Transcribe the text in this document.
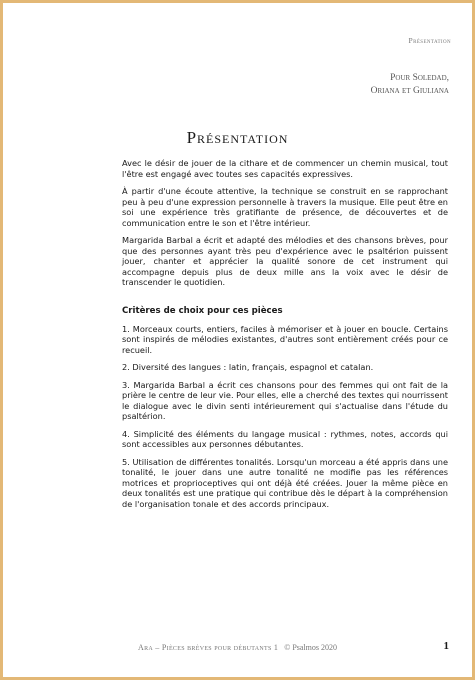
Présentation
Pour Soledad,
Oriana et Giuliana
Présentation

Avec le désir de jouer de la cithare et de commencer un chemin musical, tout l'être est engagé avec toutes ses capacités expressives.

À partir d'une écoute attentive, la technique se construit en se rapprochant peu à peu d'une expression personnelle à travers la musique. Elle peut être en soi une expérience très gratifiante de présence, de découvertes et de communication entre le son et l'être intérieur.

Margarida Barbal a écrit et adapté des mélodies et des chansons brèves, pour que des personnes ayant très peu d'expérience avec le psaltérion puissent jouer, chanter et apprécier la qualité sonore de cet instrument qui accompagne depuis plus de deux mille ans la voix avec le désir de transcender le quotidien.

Critères de choix pour ces pièces

1. Morceaux courts, entiers, faciles à mémoriser et à jouer en boucle. Certains sont inspirés de mélodies existantes, d'autres sont entièrement créés pour ce recueil.

2. Diversité des langues : latin, français, espagnol et catalan.

3. Margarida Barbal a écrit ces chansons pour des femmes qui ont fait de la prière le centre de leur vie. Pour elles, elle a cherché des textes qui nourrissent le dialogue avec le divin senti intérieurement qui s'actualise dans l'étude du psaltérion.

4. Simplicité des éléments du langage musical : rythmes, notes, accords qui sont accessibles aux personnes débutantes.

5. Utilisation de différentes tonalités. Lorsqu'un morceau a été appris dans une tonalité, le jouer dans une autre tonalité ne modifie pas les références motrices et proprioceptives qui ont déjà été créées. Jouer la même pièce en deux tonalités est une pratique qui contribue dès le départ à la compréhension de l'organisation tonale et des accords principaux.

Ara – Pièces brèves pour débutants 1 © Psalmos 2020	1
